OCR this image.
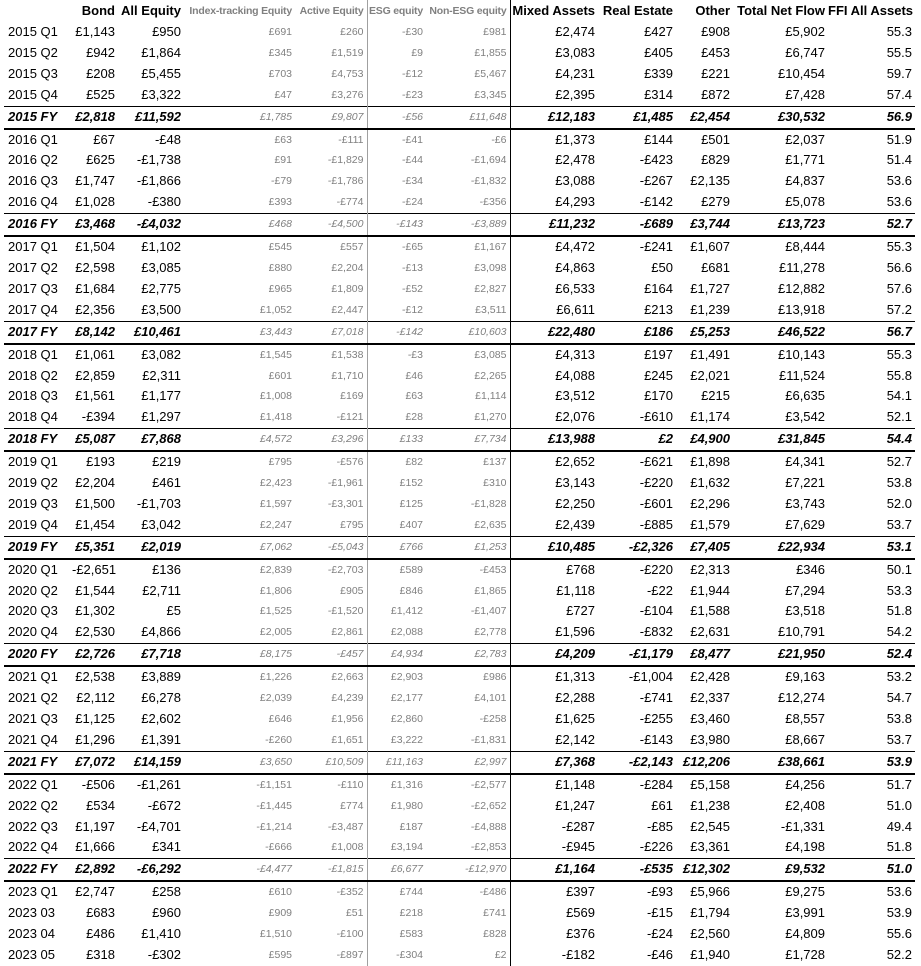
	Bond	All Equity	Index-tracking Equity	Active Equity	ESG equity	Non-ESG equity	Mixed Assets	Real Estate	Other	Total Net Flow	FFI All Assets
2015 Q1	£1,143	£950	£691	£260	-£30	£981	£2,474	£427	£908	£5,902	55.3
2015 Q2	£942	£1,864	£345	£1,519	£9	£1,855	£3,083	£405	£453	£6,747	55.5
2015 Q3	£208	£5,455	£703	£4,753	-£12	£5,467	£4,231	£339	£221	£10,454	59.7
2015 Q4	£525	£3,322	£47	£3,276	-£23	£3,345	£2,395	£314	£872	£7,428	57.4
2015 FY	£2,818	£11,592	£1,785	£9,807	-£56	£11,648	£12,183	£1,485	£2,454	£30,532	56.9
2016 Q1	£67	-£48	£63	-£111	-£41	-£6	£1,373	£144	£501	£2,037	51.9
2016 Q2	£625	-£1,738	£91	-£1,829	-£44	-£1,694	£2,478	-£423	£829	£1,771	51.4
2016 Q3	£1,747	-£1,866	-£79	-£1,786	-£34	-£1,832	£3,088	-£267	£2,135	£4,837	53.6
2016 Q4	£1,028	-£380	£393	-£774	-£24	-£356	£4,293	-£142	£279	£5,078	53.6
2016 FY	£3,468	-£4,032	£468	-£4,500	-£143	-£3,889	£11,232	-£689	£3,744	£13,723	52.7
2017 Q1	£1,504	£1,102	£545	£557	-£65	£1,167	£4,472	-£241	£1,607	£8,444	55.3
2017 Q2	£2,598	£3,085	£880	£2,204	-£13	£3,098	£4,863	£50	£681	£11,278	56.6
2017 Q3	£1,684	£2,775	£965	£1,809	-£52	£2,827	£6,533	£164	£1,727	£12,882	57.6
2017 Q4	£2,356	£3,500	£1,052	£2,447	-£12	£3,511	£6,611	£213	£1,239	£13,918	57.2
2017 FY	£8,142	£10,461	£3,443	£7,018	-£142	£10,603	£22,480	£186	£5,253	£46,522	56.7
2018 Q1	£1,061	£3,082	£1,545	£1,538	-£3	£3,085	£4,313	£197	£1,491	£10,143	55.3
2018 Q2	£2,859	£2,311	£601	£1,710	£46	£2,265	£4,088	£245	£2,021	£11,524	55.8
2018 Q3	£1,561	£1,177	£1,008	£169	£63	£1,114	£3,512	£170	£215	£6,635	54.1
2018 Q4	-£394	£1,297	£1,418	-£121	£28	£1,270	£2,076	-£610	£1,174	£3,542	52.1
2018 FY	£5,087	£7,868	£4,572	£3,296	£133	£7,734	£13,988	£2	£4,900	£31,845	54.4
2019 Q1	£193	£219	£795	-£576	£82	£137	£2,652	-£621	£1,898	£4,341	52.7
2019 Q2	£2,204	£461	£2,423	-£1,961	£152	£310	£3,143	-£220	£1,632	£7,221	53.8
2019 Q3	£1,500	-£1,703	£1,597	-£3,301	£125	-£1,828	£2,250	-£601	£2,296	£3,743	52.0
2019 Q4	£1,454	£3,042	£2,247	£795	£407	£2,635	£2,439	-£885	£1,579	£7,629	53.7
2019 FY	£5,351	£2,019	£7,062	-£5,043	£766	£1,253	£10,485	-£2,326	£7,405	£22,934	53.1
2020 Q1	-£2,651	£136	£2,839	-£2,703	£589	-£453	£768	-£220	£2,313	£346	50.1
2020 Q2	£1,544	£2,711	£1,806	£905	£846	£1,865	£1,118	-£22	£1,944	£7,294	53.3
2020 Q3	£1,302	£5	£1,525	-£1,520	£1,412	-£1,407	£727	-£104	£1,588	£3,518	51.8
2020 Q4	£2,530	£4,866	£2,005	£2,861	£2,088	£2,778	£1,596	-£832	£2,631	£10,791	54.2
2020 FY	£2,726	£7,718	£8,175	-£457	£4,934	£2,783	£4,209	-£1,179	£8,477	£21,950	52.4
2021 Q1	£2,538	£3,889	£1,226	£2,663	£2,903	£986	£1,313	-£1,004	£2,428	£9,163	53.2
2021 Q2	£2,112	£6,278	£2,039	£4,239	£2,177	£4,101	£2,288	-£741	£2,337	£12,274	54.7
2021 Q3	£1,125	£2,602	£646	£1,956	£2,860	-£258	£1,625	-£255	£3,460	£8,557	53.8
2021 Q4	£1,296	£1,391	-£260	£1,651	£3,222	-£1,831	£2,142	-£143	£3,980	£8,667	53.7
2021 FY	£7,072	£14,159	£3,650	£10,509	£11,163	£2,997	£7,368	-£2,143	£12,206	£38,661	53.9
2022 Q1	-£506	-£1,261	-£1,151	-£110	£1,316	-£2,577	£1,148	-£284	£5,158	£4,256	51.7
2022 Q2	£534	-£672	-£1,445	£774	£1,980	-£2,652	£1,247	£61	£1,238	£2,408	51.0
2022 Q3	£1,197	-£4,701	-£1,214	-£3,487	£187	-£4,888	-£287	-£85	£2,545	-£1,331	49.4
2022 Q4	£1,666	£341	-£666	£1,008	£3,194	-£2,853	-£945	-£226	£3,361	£4,198	51.8
2022 FY	£2,892	-£6,292	-£4,477	-£1,815	£6,677	-£12,970	£1,164	-£535	£12,302	£9,532	51.0
2023 Q1	£2,747	£258	£610	-£352	£744	-£486	£397	-£93	£5,966	£9,275	53.6
2023 03	£683	£960	£909	£51	£218	£741	£569	-£15	£1,794	£3,991	53.9
2023 04	£486	£1,410	£1,510	-£100	£583	£828	£376	-£24	£2,560	£4,809	55.6
2023 05	£318	-£302	£595	-£897	-£304	£2	-£182	-£46	£1,940	£1,728	52.2
